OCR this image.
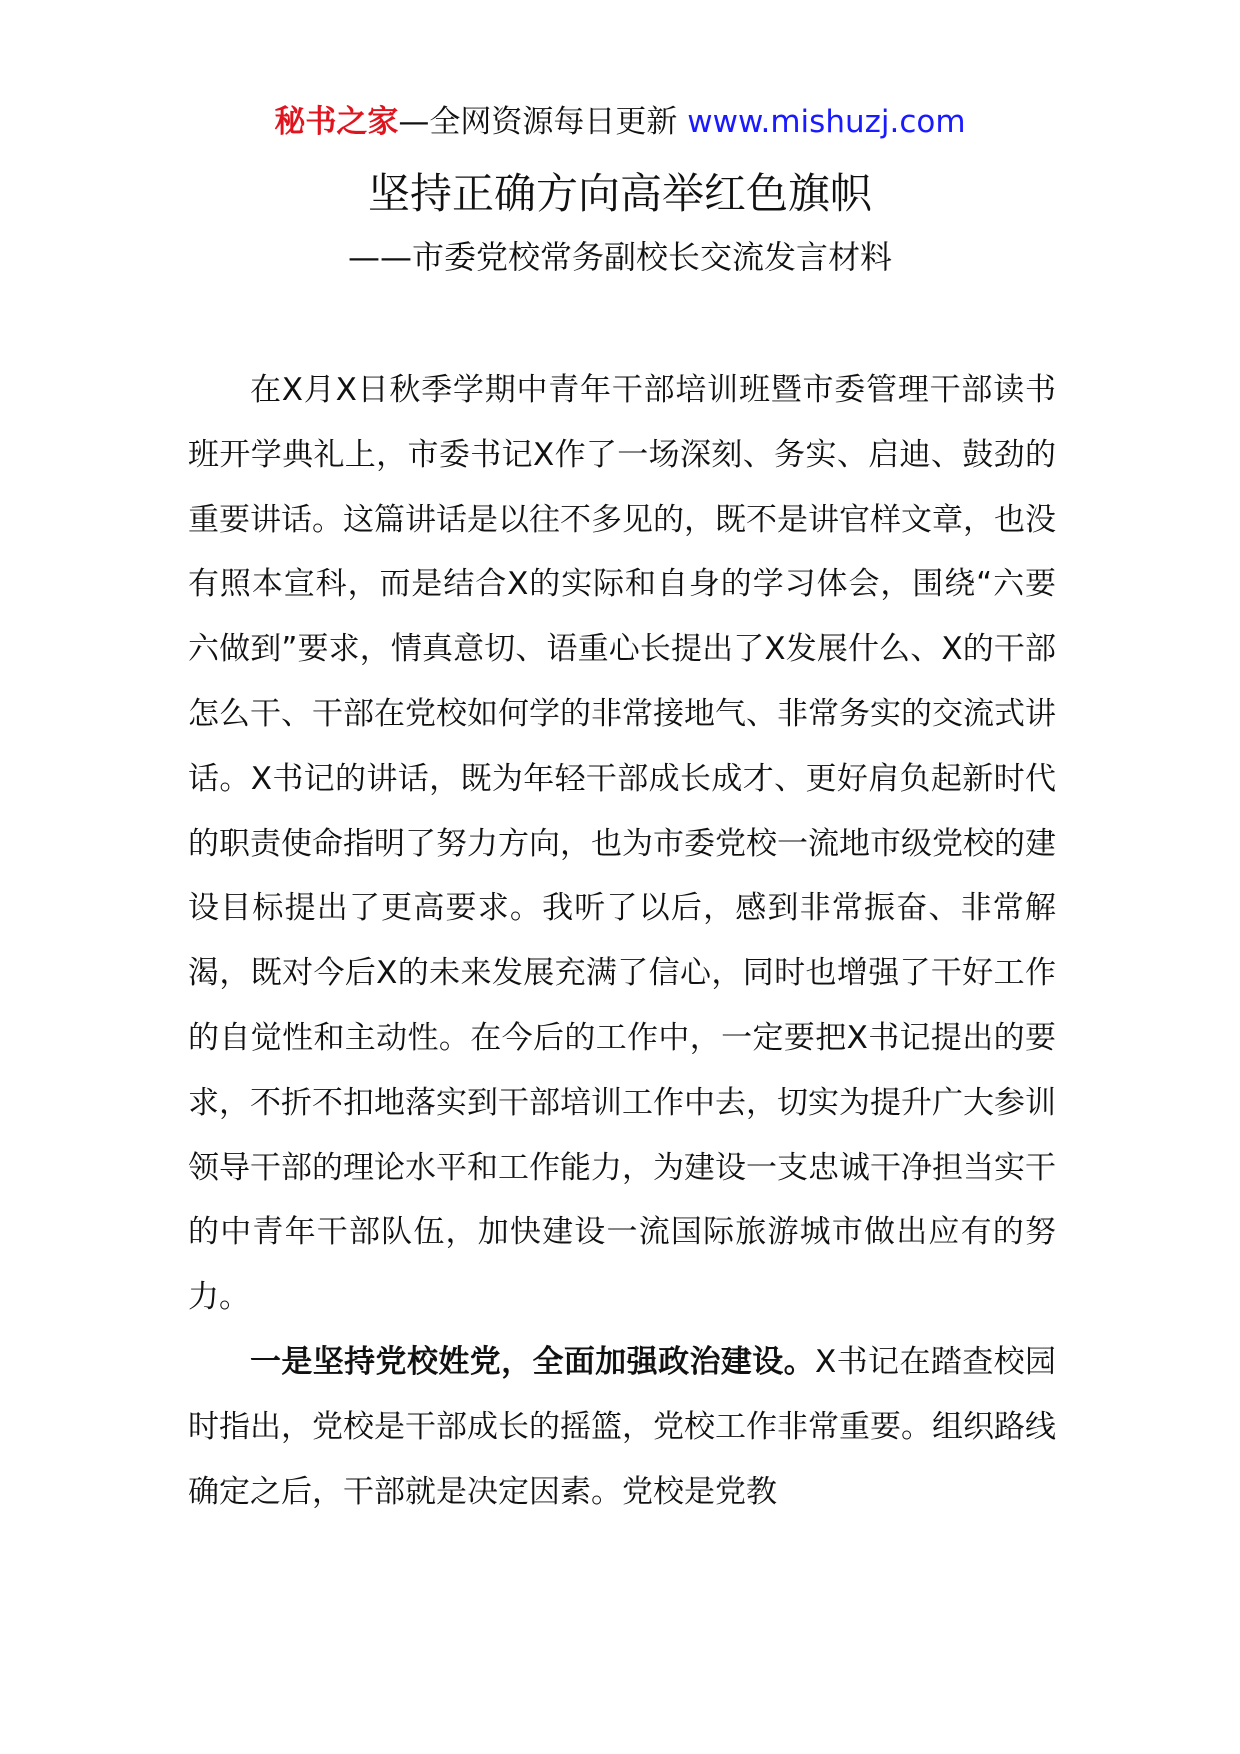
秘书之家—全网资源每日更新 www.mishuzj.com
坚持正确方向高举红色旗帜
——市委党校常务副校长交流发言材料

在X月X日秋季学期中青年干部培训班暨市委管理干部读书班开学典礼上，市委书记X作了一场深刻、务实、启迪、鼓劲的重要讲话。这篇讲话是以往不多见的，既不是讲官样文章，也没有照本宣科，而是结合X的实际和自身的学习体会，围绕“六要六做到”要求，情真意切、语重心长提出了X发展什么、X的干部怎么干、干部在党校如何学的非常接地气、非常务实的交流式讲话。X书记的讲话，既为年轻干部成长成才、更好肩负起新时代的职责使命指明了努力方向，也为市委党校一流地市级党校的建设目标提出了更高要求。我听了以后，感到非常振奋、非常解渴，既对今后X的未来发展充满了信心，同时也增强了干好工作的自觉性和主动性。在今后的工作中，一定要把X书记提出的要求，不折不扣地落实到干部培训工作中去，切实为提升广大参训领导干部的理论水平和工作能力，为建设一支忠诚干净担当实干的中青年干部队伍，加快建设一流国际旅游城市做出应有的努力。

一是坚持党校姓党，全面加强政治建设。X书记在踏查校园时指出，党校是干部成长的摇篮，党校工作非常重要。组织路线确定之后，干部就是决定因素。党校是党教
